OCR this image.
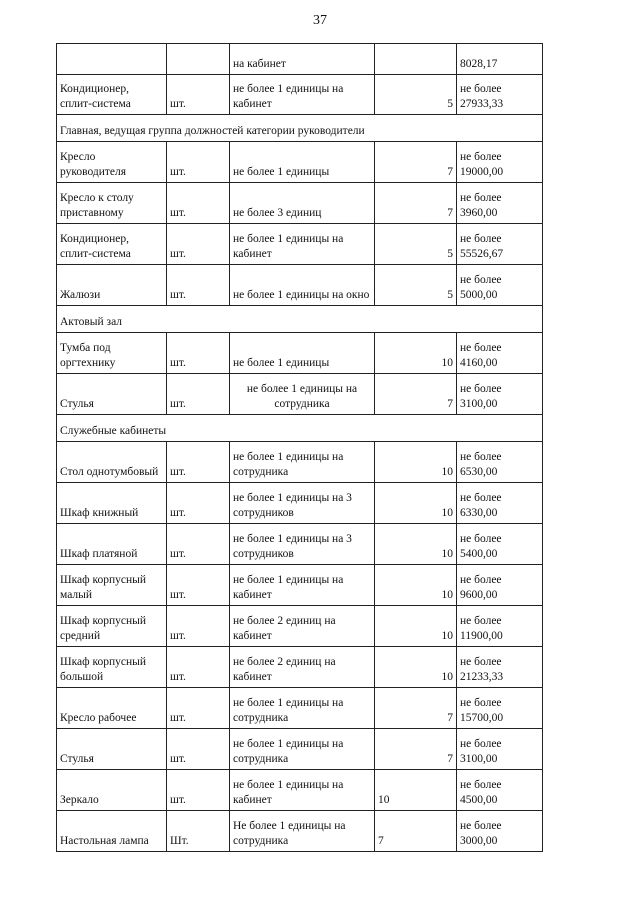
37
		на кабинет		8028,17
Кондиционер, сплит-система	шт.	не более 1 единицы на кабинет	5	не более 27933,33
Главная, ведущая группа должностей категории руководители				
Кресло руководителя	шт.	не более 1 единицы	7	не более 19000,00
Кресло к столу приставному	шт.	не более 3 единиц	7	не более 3960,00
Кондиционер, сплит-система	шт.	не более 1 единицы на кабинет	5	не более 55526,67
Жалюзи	шт.	не более 1 единицы на окно	5	не более 5000,00
Актовый зал				
Тумба под оргтехнику	шт.	не более 1 единицы	10	не более 4160,00
Стулья	шт.	не более 1 единицы на сотрудника	7	не более 3100,00
Служебные кабинеты				
Стол однотумбовый	шт.	не более 1 единицы на сотрудника	10	не более 6530,00
Шкаф книжный	шт.	не более 1 единицы на 3 сотрудников	10	не более 6330,00
Шкаф платяной	шт.	не более 1 единицы на 3 сотрудников	10	не более 5400,00
Шкаф корпусный малый	шт.	не более 1 единицы на кабинет	10	не более 9600,00
Шкаф корпусный средний	шт.	не более 2 единиц на кабинет	10	не более 11900,00
Шкаф корпусный большой	шт.	не более 2 единиц на кабинет	10	не более 21233,33
Кресло рабочее	шт.	не более 1 единицы на сотрудника	7	не более 15700,00
Стулья	шт.	не более 1 единицы на сотрудника	7	не более 3100,00
Зеркало	шт.	не более 1 единицы на кабинет	10	не более 4500,00
Настольная лампа	Шт.	Не более 1 единицы на сотрудника	7	не более 3000,00
